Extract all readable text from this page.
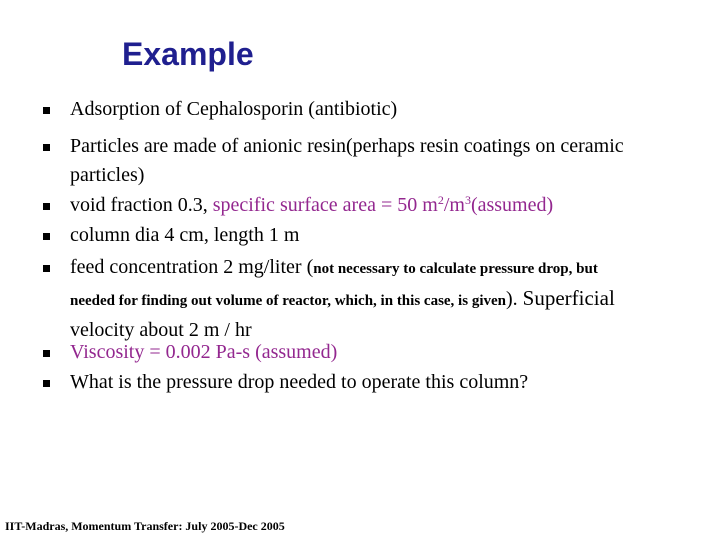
Example
Adsorption of Cephalosporin (antibiotic)
Particles are made of anionic resin(perhaps resin coatings on ceramic
particles)
void fraction 0.3, specific surface area = 50 $m^2/m^3(assumed)$
column dia 4 cm, length 1 m
feed concentration 2 mg/liter (not necessary to calculate pressure drop, but
needed for finding out volume of reactor, which, in this case, is given). Superficial
velocity about 2 m / hr
Viscosity = 0.002 Pa-s (assumed)
What is the pressure drop needed to operate this column?
IIT-Madras, Momentum Transfer: July 2005-Dec 2005
